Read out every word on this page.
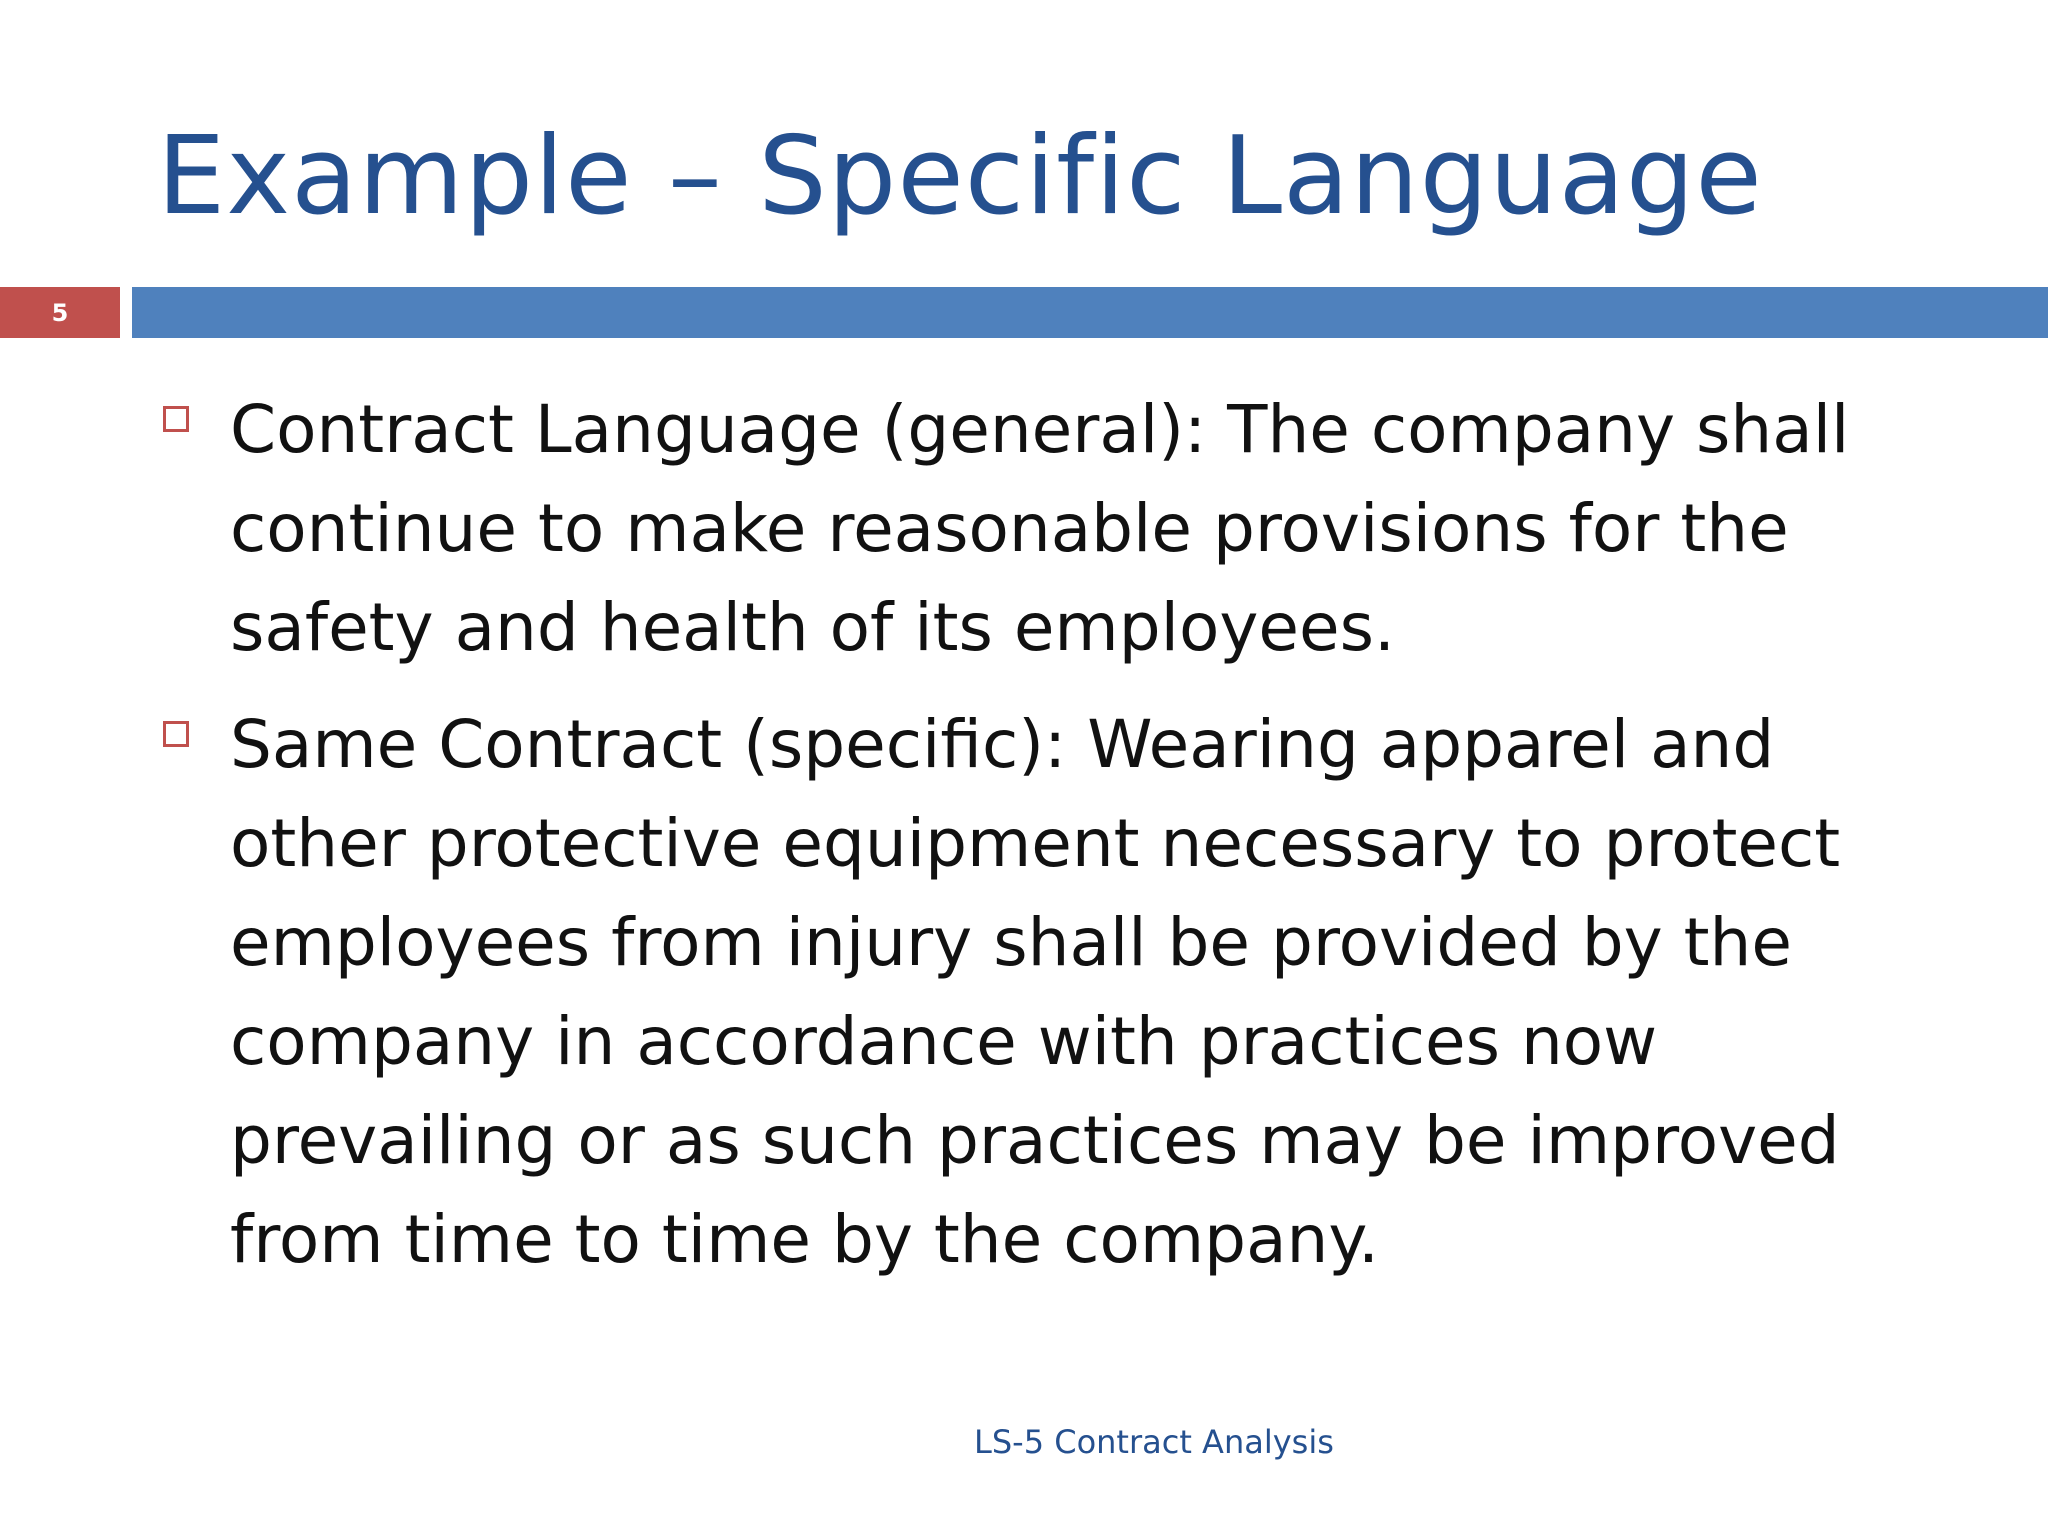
Example – Specific Language
5
Contract Language (general): The company shall continue to make reasonable provisions for the safety and health of its employees.
Same Contract (specific): Wearing apparel and other protective equipment necessary to protect employees from injury shall be provided by the company in accordance with practices now prevailing or as such practices may be improved from time to time by the company.
LS-5 Contract Analysis
